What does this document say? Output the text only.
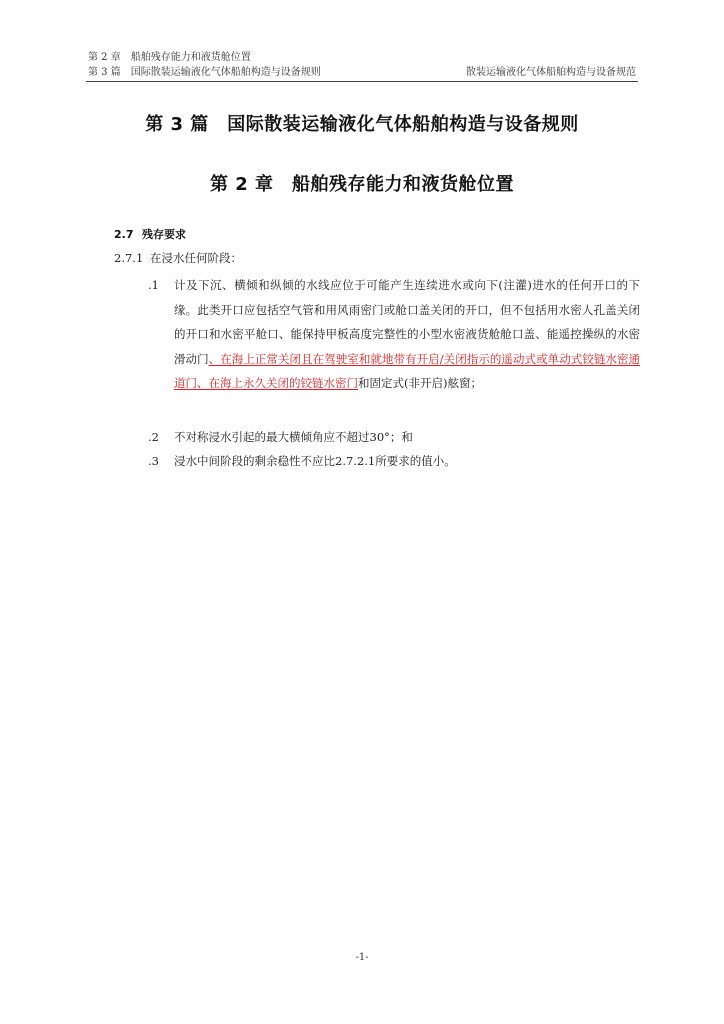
第 2 章　船舶残存能力和液货舱位置
第 3 篇　国际散装运输液化气体船舶构造与设备规则	散装运输液化气体船舶构造与设备规范
第 3 篇　国际散装运输液化气体船舶构造与设备规则
第 2 章　船舶残存能力和液货舱位置
2.7 残存要求
2.7.1 在浸水任何阶段：
.1	计及下沉、横倾和纵倾的水线应位于可能产生连续进水或向下(注灌)进水的任何开口的下缘。此类开口应包括空气管和用风雨密门或舱口盖关闭的开口，但不包括用水密人孔盖关闭的开口和水密平舱口、能保持甲板高度完整性的小型水密液货舱舱口盖、能遥控操纵的水密滑动门、在海上正常关闭且在驾驶室和就地带有开启/关闭指示的遥动式或单动式铰链水密通道门、在海上永久关闭的铰链水密门和固定式(非开启)舷窗；
.2	不对称浸水引起的最大横倾角应不超过30°；和
.3	浸水中间阶段的剩余稳性不应比2.7.2.1所要求的值小。
-1-
